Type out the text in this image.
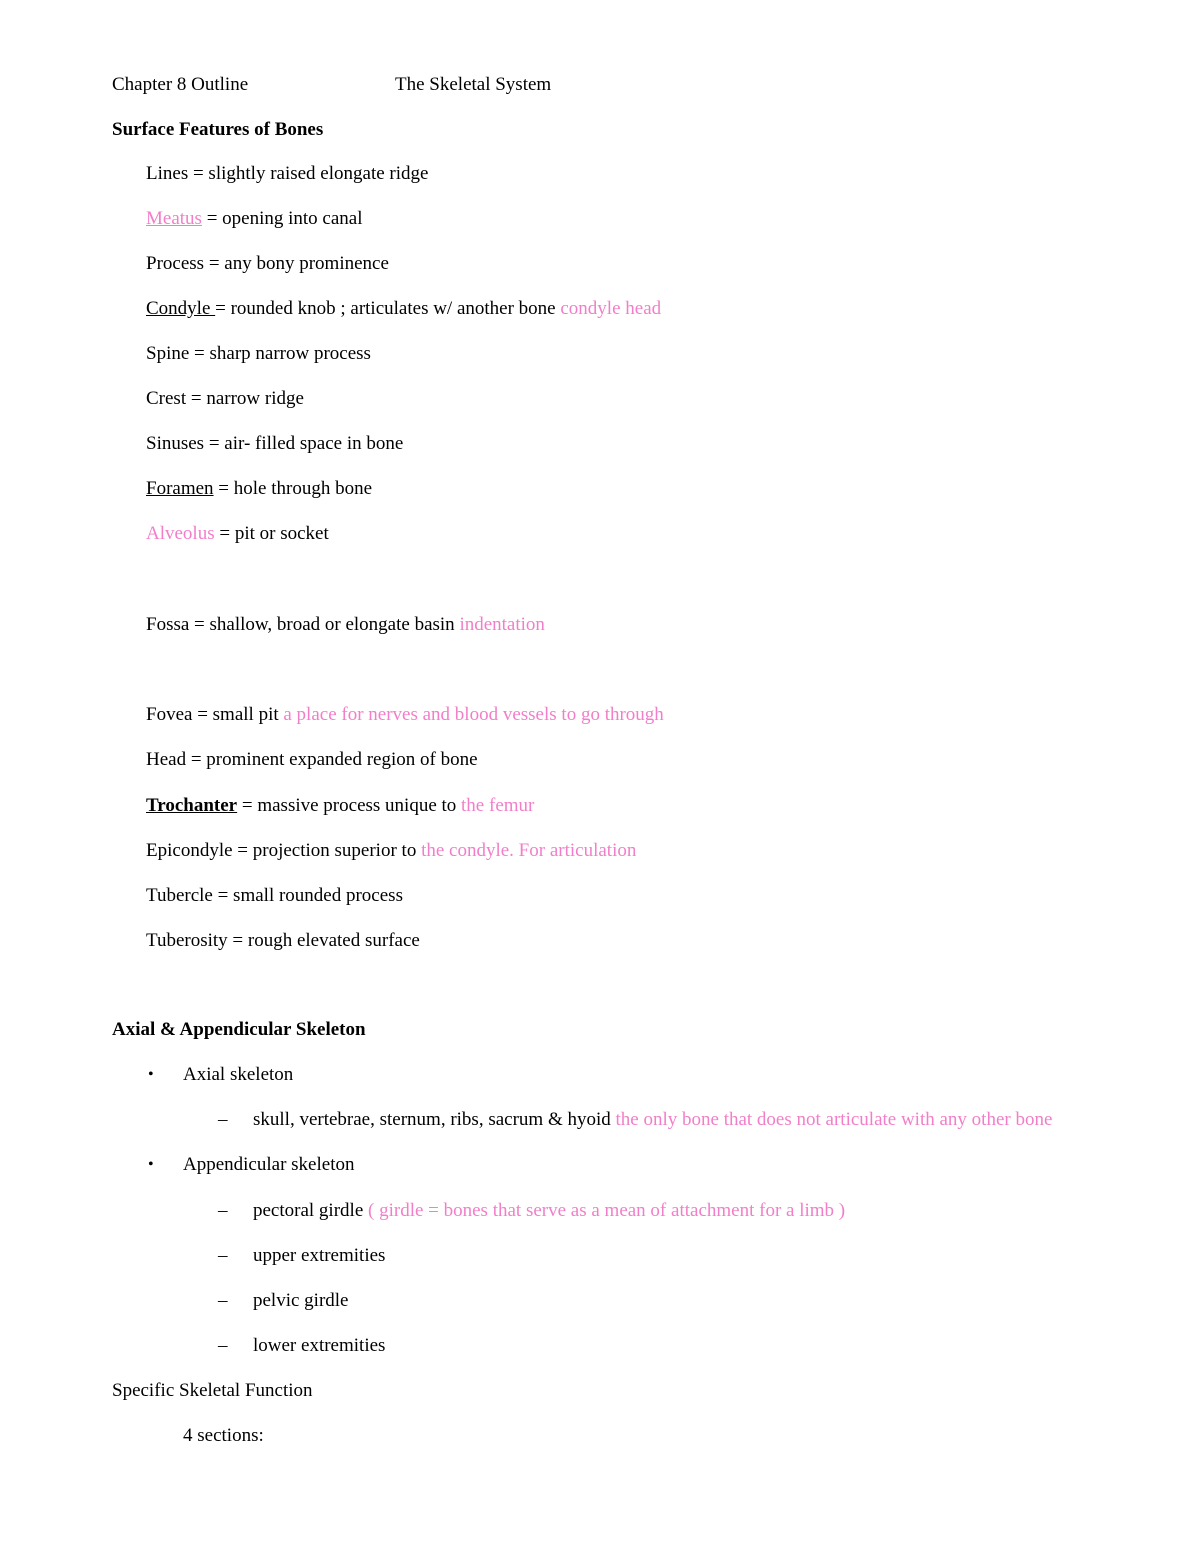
Chapter 8 Outline	The Skeletal System
Surface Features of Bones
Lines = slightly raised elongate ridge
Meatus = opening into canal
Process = any bony prominence
Condyle = rounded knob ; articulates w/ another bone condyle head
Spine = sharp narrow process
Crest = narrow ridge
Sinuses = air- filled space in bone
Foramen = hole through bone
Alveolus = pit or socket
Fossa = shallow, broad or elongate basin indentation
Fovea = small pit a place for nerves and blood vessels to go through
Head = prominent expanded region of bone
Trochanter = massive process unique to the femur
Epicondyle = projection superior to the condyle. For articulation
Tubercle = small rounded process
Tuberosity = rough elevated surface
Axial & Appendicular Skeleton
• Axial skeleton
– skull, vertebrae, sternum, ribs, sacrum & hyoid the only bone that does not articulate with any other bone
• Appendicular skeleton
– pectoral girdle ( girdle = bones that serve as a mean of attachment for a limb )
– upper extremities
– pelvic girdle
– lower extremities
Specific Skeletal Function
4 sections:
